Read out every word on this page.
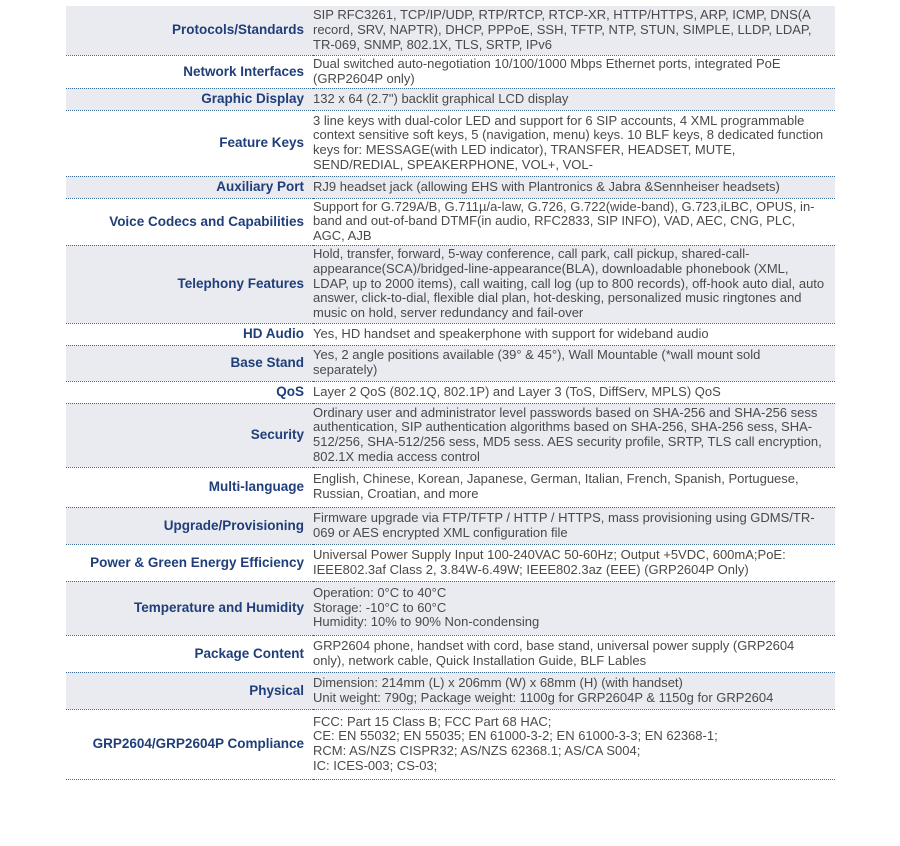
Protocols/Standards	SIP RFC3261, TCP/IP/UDP, RTP/RTCP, RTCP-XR, HTTP/HTTPS, ARP, ICMP, DNS(A record, SRV, NAPTR), DHCP, PPPoE, SSH, TFTP, NTP, STUN, SIMPLE, LLDP, LDAP, TR-069, SNMP, 802.1X, TLS, SRTP, IPv6

Network Interfaces	Dual switched auto-negotiation 10/100/1000 Mbps Ethernet ports, integrated PoE (GRP2604P only)

Graphic Display	132 x 64 (2.7") backlit graphical LCD display

Feature Keys	3 line keys with dual-color LED and support for 6 SIP accounts, 4 XML programmable context sensitive soft keys, 5 (navigation, menu) keys. 10 BLF keys, 8 dedicated function keys for: MESSAGE(with LED indicator), TRANSFER, HEADSET, MUTE, SEND/REDIAL, SPEAKERPHONE, VOL+, VOL-

Auxiliary Port	RJ9 headset jack (allowing EHS with Plantronics & Jabra &Sennheiser headsets)

Voice Codecs and Capabilities	Support for G.729A/B, G.711µ/a-law, G.726, G.722(wide-band), G.723,iLBC, OPUS, in- band and out-of-band DTMF(in audio, RFC2833, SIP INFO), VAD, AEC, CNG, PLC, AGC, AJB

Telephony Features	Hold, transfer, forward, 5-way conference, call park, call pickup, shared-call-appearance(SCA)/bridged-line-appearance(BLA), downloadable phonebook (XML, LDAP, up to 2000 items), call waiting, call log (up to 800 records), off-hook auto dial, auto answer, click-to-dial, flexible dial plan, hot-desking, personalized music ringtones and music on hold, server redundancy and fail-over

HD Audio	Yes, HD handset and speakerphone with support for wideband audio

Base Stand	Yes, 2 angle positions available (39° & 45°), Wall Mountable (*wall mount sold separately)

QoS	Layer 2 QoS (802.1Q, 802.1P) and Layer 3 (ToS, DiffServ, MPLS) QoS

Security	Ordinary user and administrator level passwords based on SHA-256 and SHA-256 sess authentication, SIP authentication algorithms based on SHA-256, SHA-256 sess, SHA-512/256, SHA-512/256 sess, MD5 sess. AES security profile, SRTP, TLS call encryption, 802.1X media access control

Multi-language	English, Chinese, Korean, Japanese, German, Italian, French, Spanish, Portuguese, Russian, Croatian, and more

Upgrade/Provisioning	Firmware upgrade via FTP/TFTP / HTTP / HTTPS, mass provisioning using GDMS/TR-069 or AES encrypted XML configuration file

Power & Green Energy Efficiency	Universal Power Supply Input 100-240VAC 50-60Hz; Output +5VDC, 600mA;PoE: IEEE802.3af Class 2, 3.84W-6.49W; IEEE802.3az (EEE) (GRP2604P Only)

Temperature and Humidity	Operation: 0°C to 40°C
Storage: -10°C to 60°C
Humidity: 10% to 90% Non-condensing

Package Content	GRP2604 phone, handset with cord, base stand, universal power supply (GRP2604 only), network cable, Quick Installation Guide, BLF Lables

Physical	Dimension: 214mm (L) x 206mm (W) x 68mm (H) (with handset)
Unit weight: 790g; Package weight: 1100g for GRP2604P & 1150g for GRP2604

GRP2604/GRP2604P Compliance	FCC: Part 15 Class B; FCC Part 68 HAC;
CE: EN 55032; EN 55035; EN 61000-3-2; EN 61000-3-3; EN 62368-1;
RCM: AS/NZS CISPR32; AS/NZS 62368.1; AS/CA S004;
IC: ICES-003; CS-03;
